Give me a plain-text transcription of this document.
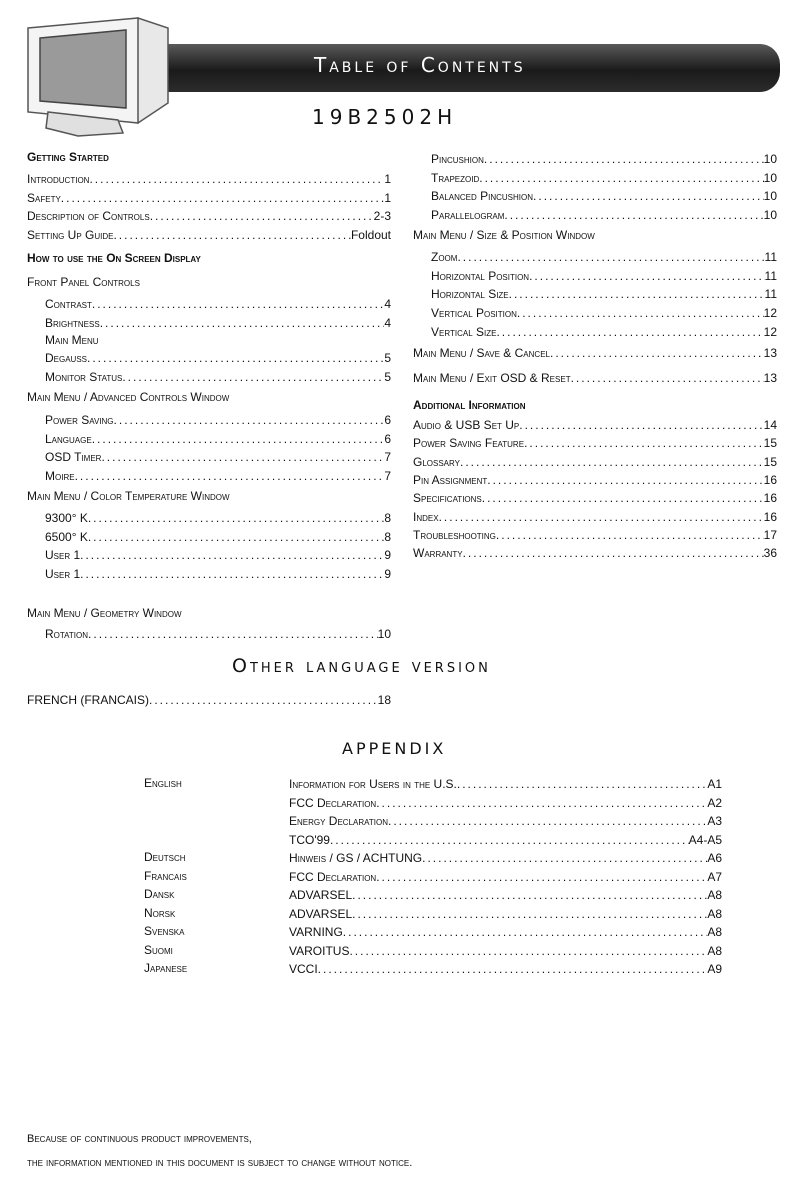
Table of Contents
19B2502H
Getting Started
Introduction .....	1
Safety .....	1
Description of Controls .....	2-3
Setting Up Guide .....	Foldout
How to use the On Screen Display
Front Panel Controls
Contrast .....	4
Brightness .....	4
Main Menu
Degauss .....	5
Monitor Status .....	5
Main Menu / Advanced Controls Window
Power Saving .....	6
Language .....	6
OSD Timer .....	7
Moire .....	7
Main Menu / Color Temperature Window
9300° K .....	8
6500° K .....	8
User 1 .....	9
User 1 .....	9
Main Menu / Geometry Window
Rotation .....	10
Pincushion .....	10
Trapezoid .....	10
Balanced Pincushion .....	10
Parallelogram .....	10
Main Menu / Size & Position Window
Zoom .....	11
Horizontal Position .....	11
Horizontal Size .....	11
Vertical Position .....	12
Vertical Size .....	12
Main Menu / Save & Cancel .....	13
Main Menu / Exit OSD & Reset .....	13
Additional Information
Audio & USB Set Up .....	14
Power Saving Feature .....	15
Glossary .....	15
Pin Assignment .....	16
Specifications .....	16
Index .....	16
Troubleshooting .....	17
Warranty .....	36
Other language version
FRENCH (FRANCAIS) .....	18
APPENDIX
English	Information for Users in the U.S. .....	A1
FCC Declaration .....	A2
Energy Declaration .....	A3
TCO'99 .....	A4-A5
Deutsch	Hinweis / GS / ACHTUNG .....	A6
Francais	FCC Declaration .....	A7
Dansk	ADVARSEL .....	A8
Norsk	ADVARSEL .....	A8
Svenska	VARNING .....	A8
Suomi	VAROITUS .....	A8
Japanese	VCCI .....	A9
Because of continuous product improvements,
the information mentioned in this document is subject to change without notice.
